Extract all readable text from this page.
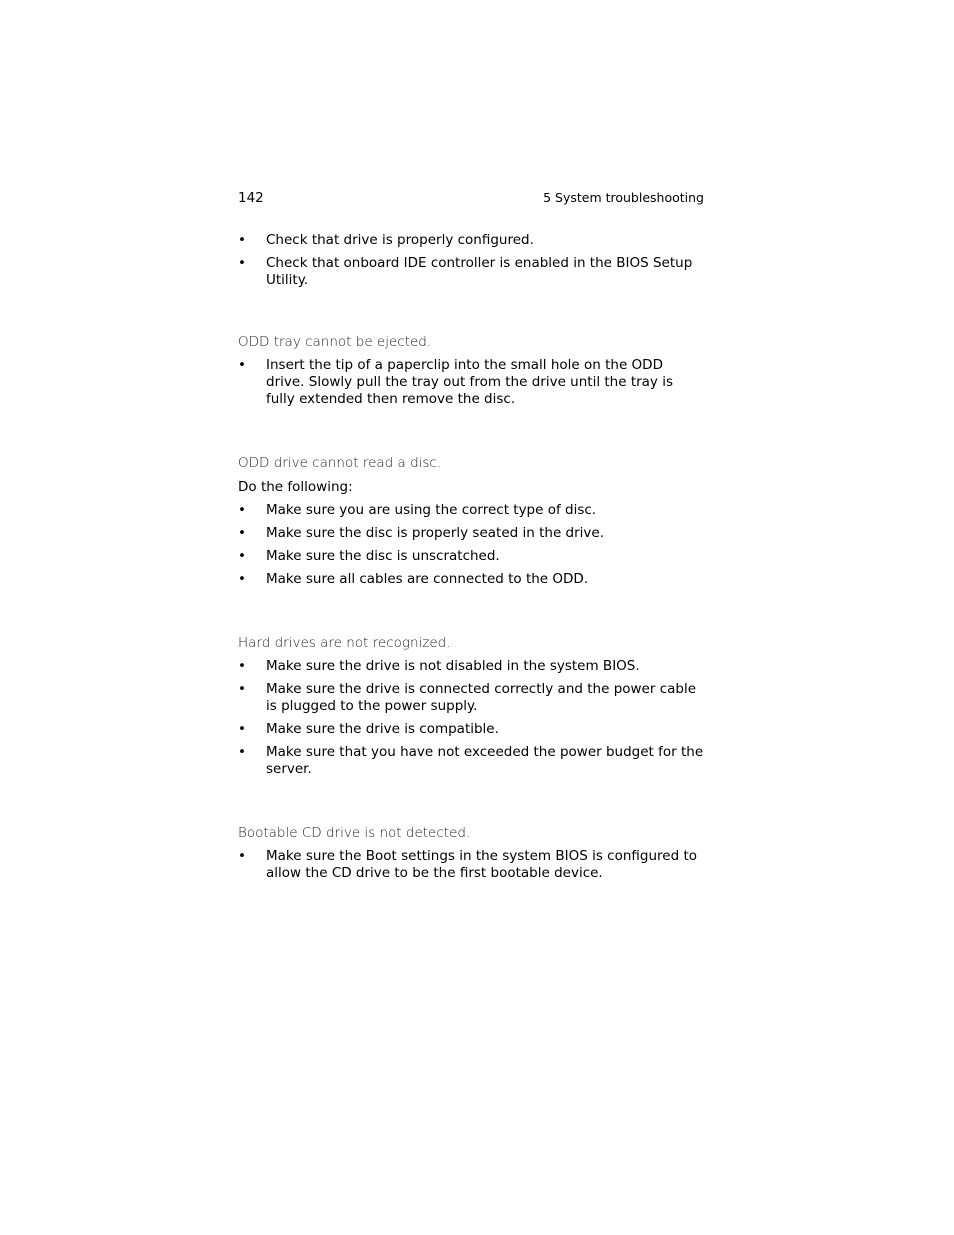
142	5 System troubleshooting
• Check that drive is properly configured.
• Check that onboard IDE controller is enabled in the BIOS Setup Utility.

ODD tray cannot be ejected.

• Insert the tip of a paperclip into the small hole on the ODD drive. Slowly pull the tray out from the drive until the tray is fully extended then remove the disc.

ODD drive cannot read a disc.

Do the following:

• Make sure you are using the correct type of disc.
• Make sure the disc is properly seated in the drive.
• Make sure the disc is unscratched.
• Make sure all cables are connected to the ODD.

Hard drives are not recognized.

• Make sure the drive is not disabled in the system BIOS.
• Make sure the drive is connected correctly and the power cable is plugged to the power supply.
• Make sure the drive is compatible.
• Make sure that you have not exceeded the power budget for the server.

Bootable CD drive is not detected.

• Make sure the Boot settings in the system BIOS is configured to allow the CD drive to be the first bootable device.
